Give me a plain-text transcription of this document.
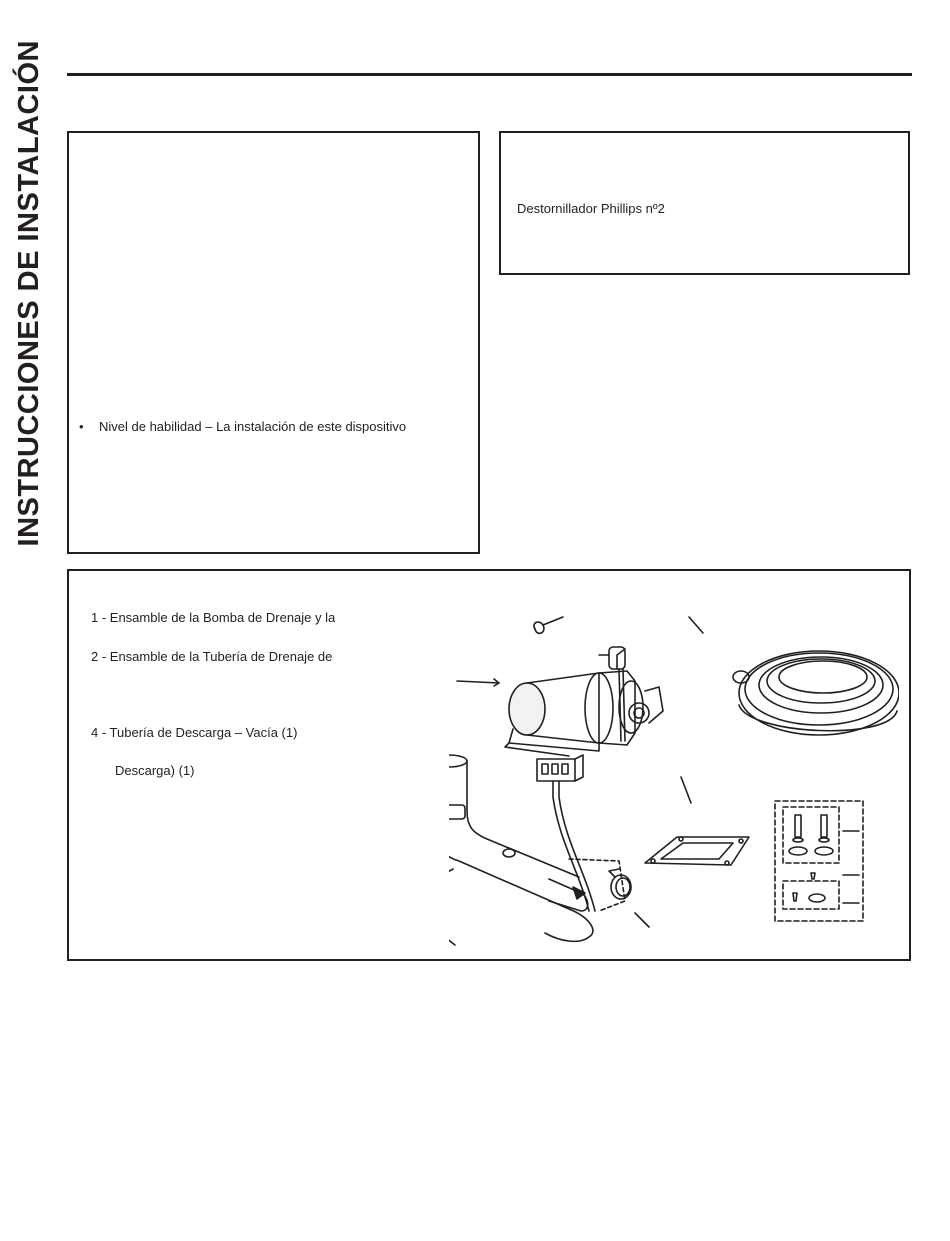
INSTRUCCIONES DE INSTALACIÓN	• Nivel de habilidad – La instalación de este dispositivo
Destornillador Phillips nº2
1 - Ensamble de la Bomba de Drenaje y la
2 - Ensamble de la Tubería de Drenaje de
4 - Tubería de Descarga – Vacía (1)
Descarga) (1)
